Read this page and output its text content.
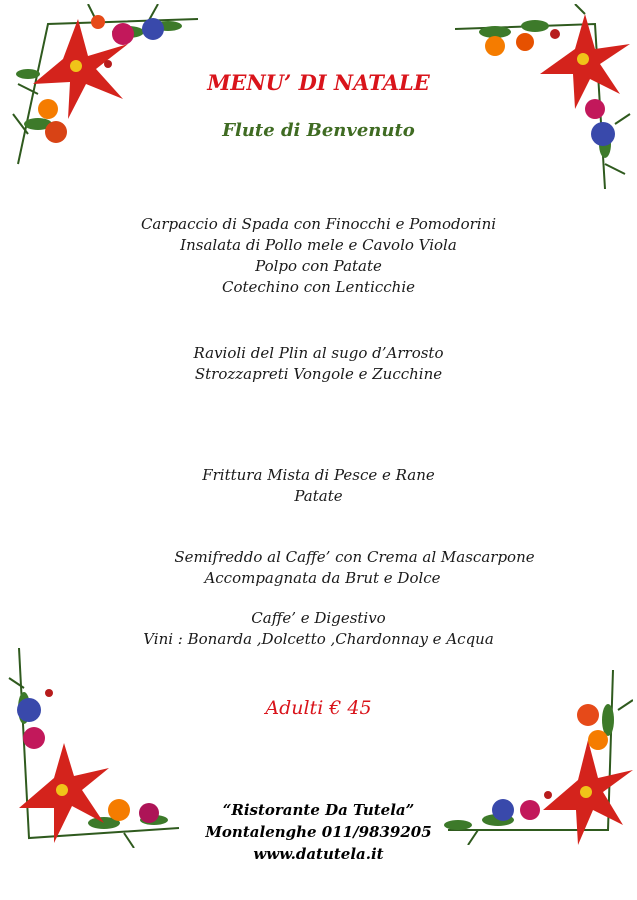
MENU’ DI NATALE
Flute di Benvenuto
Carpaccio di Spada con Finocchi e Pomodorini
Insalata di Pollo mele e Cavolo Viola
Polpo con Patate
Cotechino con Lenticchie
Ravioli del Plin al sugo d’Arrosto
Strozzapreti Vongole e Zucchine
Frittura Mista di Pesce e Rane
Patate
Semifreddo al Caffe’ con Crema al Mascarpone
Accompagnata da Brut e Dolce
Caffe’ e Digestivo
Vini : Bonarda ,Dolcetto ,Chardonnay e Acqua
Adulti € 45
“Ristorante Da Tutela”
Montalenghe 011/9839205
www.datutela.it
